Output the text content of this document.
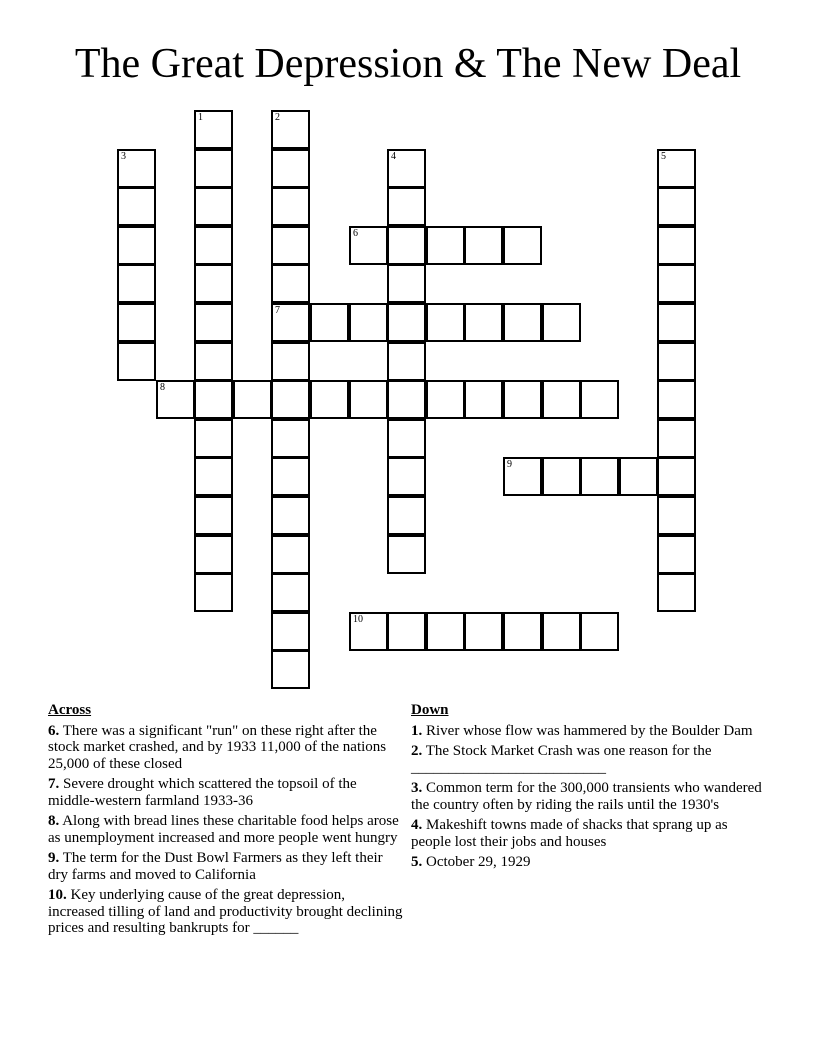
The Great Depression & The New Deal
1	2
3	4	5
6
7
8
9
10
Across
6. There was a significant "run" on these right after the stock market crashed, and by 1933 11,000 of the nations 25,000 of these closed
7. Severe drought which scattered the topsoil of the middle-western farmland 1933-36
8. Along with bread lines these charitable food helps arose as unemployment increased and more people went hungry
9. The term for the Dust Bowl Farmers as they left their dry farms and moved to California
10. Key underlying cause of the great depression, increased tilling of land and productivity brought declining prices and resulting bankrupts for ______
Down
1. River whose flow was hammered by the Boulder Dam
2. The Stock Market Crash was one reason for the __________________________
3. Common term for the 300,000 transients who wandered the country often by riding the rails until the 1930's
4. Makeshift towns made of shacks that sprang up as people lost their jobs and houses
5. October 29, 1929
